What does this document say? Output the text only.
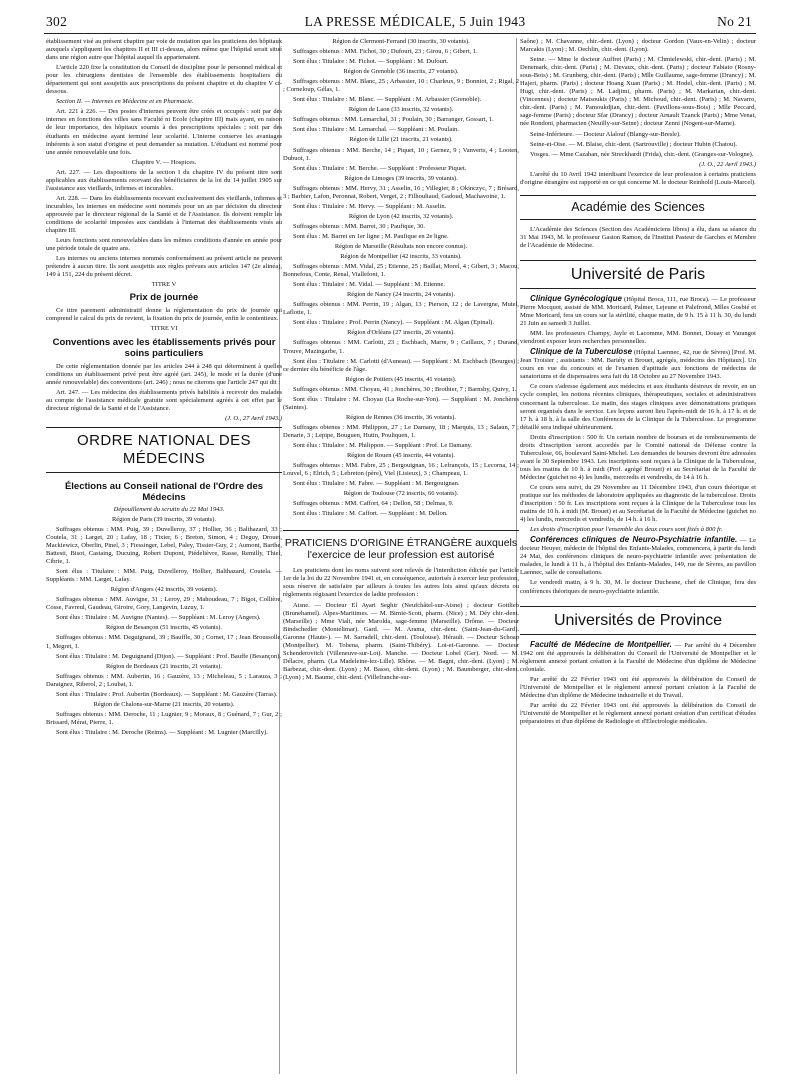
302	LA PRESSE MÉDICALE, 5 Juin 1943	No 21

établissement visé au présent chapitre par voie de mutation que les praticiens des hôpitaux auxquels s'appliquent les chapitres II et III ci-dessus, alors même que l'hôpital serait situé dans une région autre que l'hôpital auquel ils appartenaient.

L'article 220 fixe la constitution du Conseil de discipline pour le personnel médical et pour les chirurgiens dentistes de l'ensemble des établissements hospitaliers du département qui sont assujettis aux prescriptions du présent chapitre et du chapitre V ci-dessous.

Section II. — Internes en Médecine et en Pharmacie.

Art. 221 à 226. — Des postes d'internes peuvent être créés et occupés : soit par des internes en fonctions des villes sans Faculté ni Ecole (chapitre III) mais ayant, en raison de leur importance, des hôpitaux soumis à des prescriptions spéciales ; soit par des étudiants en médecine ayant terminé leur scolarité. L'interne conserve les avantages inhérents à son statut d'origine et peut demander sa mutation. L'étudiant est nommé pour une année renouvelable une fois.

Chapitre V. — Hospices.

Art. 227. — Les dispositions de la section I du chapitre IV du présent titre sont applicables aux établissements recevant des bénéficiaires de la loi du 14 juillet 1905 sur l'assistance aux vieillards, infirmes et incurables.

Art. 228. — Dans les établissements recevant exclusivement des vieillards, infirmes et incurables, les internes en médecine sont nommés pour un an par décision du directeur approuvée par le directeur régional de la Santé et de l'Assistance. Ils doivent remplir les conditions de scolarité imposées aux candidats à l'internat des établissements visés au chapitre III.

Leurs fonctions sont renouvelables dans les mêmes conditions d'année en année pour une période totale de quatre ans.

Les internes ou anciens internes nommés conformément au présent article ne peuvent prétendre à aucun titre. Ils sont assujettis aux règles prévues aux articles 147 (2e alinéa), 149 à 151, 224 du présent décret.

TITRE V

Prix de journée

Ce titre parement administratif donne la réglementation du prix de journée qui comprend le calcul du prix de revient, la fixation du prix de journée, enfin le contentieux.

TITRE VI

Conventions avec les établissements privés pour soins particuliers

De cette réglementation donnée par les articles 244 à 248 qui déterminent à quelles conditions un établissement privé peut être agréé (art. 245), le mode et la durée (d'une année renouvelable) des conventions (art. 246) ; nous ne citerons que l'article 247 qui dit :

Art. 247. — Les médecins des établissements privés habilités à recevoir des malades au compte de l'assistance médicale gratuite sont spécialement agréés à cet effet par le directeur régional de la Santé et de l'Assistance.

(J. O., 27 Avril 1943.)

ORDRE NATIONAL DES MÉDECINS
Élections au Conseil national de l'Ordre des Médecins

Dépouillement du scrutin du 22 Mai 1943.

Région de Paris (39 inscrits, 39 votants).

Suffrages obtenus : MM. Puig, 39 ; Duvelleroy, 37 ; Hollier, 36 ; Balthazard, 33 ; Coutela, 31 ; Larget, 20 ; Lafay, 18 ; Tixier, 6 ; Breton, Simon, 4 ; Deguy, Drouet, Mackiewicz, Oberlin, Pinel, 3 ; Fiessinger, Lebel, Paley, Tissier-Guy, 2 ; Aumont, Barthe, Battesti, Bisot, Castaing, Ducuing, Robert Dupont, Piédelièvre, Rasse, Remilly, Thiel, Cibrie, 1.

Sont élus : Titulaire : MM. Puig, Duvelleroy, Hollier, Balthazard, Coutela. — Suppléants : MM. Larget, Lafay.

Région d'Angers (42 inscrits, 39 votants).

Suffrages obtenus : MM. Auvigne, 31 ; Leroy, 29 ; Mahoudeau, 7 ; Bigot, Collière, Cosse, Favreul, Gaudeau, Giroire, Gory, Langevin, Luzuy, 1.

Sont élus : Titulaire : M. Auvigne (Nantes). — Suppléant : M. Leroy (Angers).

Région de Besançon (51 inscrits, 45 votants).

Suffrages obtenus : MM. Deguignand, 39 ; Bauffle, 30 ; Cornet, 17 ; Jean Broussolle, 1, Megret, 1.

Sont élus : Titulaire : M. Deguignand (Dijon). — Suppléant : Prof. Bauffe (Besançon).

Région de Bordeaux (21 inscrits, 21 votants).

Suffrages obtenus : MM. Aubertin, 16 ; Gauzère, 13 ; Micheleau, 5 ; Larauza, 3 ; Daraignez, Riberol, 2 ; Loubat, 1.

Sont élus : Titulaire : Prof. Aubertin (Bordeaux). — Suppléant : M. Gauzère (Tarras).

Région de Chalons-sur-Marne (21 inscrits, 20 votants).

Suffrages obtenus : MM. Deroche, 11 ; Lugnier, 9 ; Moraux, 8 ; Guénard, 7 ; Gur, 2 ; Brissard, Mérat, Pierre, 1.

Sont élus : Titulaire : M. Deroche (Reims). — Suppléant : M. Lugnier (Marcilly).

Région de Clermont-Ferrand (30 inscrits, 30 votants).

Suffrages obtenus : MM. Fichot, 30 ; Dufourt, 23 ; Girou, 6 ; Gibert, 1.

Sont élus : Titulaire : M. Fichot. — Suppléant : M. Dufourt.

Région de Grenoble (36 inscrits, 27 votants).

Suffrages obtenus : MM. Blanc, 25 ; Arbassier, 10 ; Charleux, 9 ; Bonniot, 2 ; Rigal, 2 ; Corneloup, Gélas, 1.

Sont élus : Titulaire : M. Blanc. — Suppléant : M. Arbassier (Grenoble).

Région de Laon (33 inscrits, 32 votants).

Suffrages obtenus : MM. Lemarchal, 31 ; Poulain, 30 ; Barranger, Gossart, 1.

Sont élus : Titulaire : M. Lemarchal. — Suppléant : M. Poulain.

Région de Lille (21 inscrits, 21 votants).

Suffrages obtenus : MM. Berche, 14 ; Piquet, 10 ; Gernez, 9 ; Vanverts, 4 ; Looten, Dubuot, 1.

Sont élus : Titulaire : M. Berche. — Suppléant : Professeur Piquet.

Région de Limoges (39 inscrits, 39 votants).

Suffrages obtenus : MM. Hervy, 31 ; Asselin, 16 ; Villegier, 8 ; Okinczyc, 7 ; Brésard, 3 ; Barbier, Lafon, Peronnat, Robert, Verget, 2 ; Filhouliaud, Gadoud, Machavoine, 1.

Sont élus : Titulaire : M. Hervy. — Suppléant : M. Asselin.

Région de Lyon (42 inscrits, 32 votants).

Suffrages obtenus : MM. Barret, 30 ; Paufique, 30.

Sont élus : M. Barret en 1er ligne ; M. Paufique en 2e ligne.

Région de Marseille (Résultats non encore connus).

Région de Montpellier (42 inscrits, 33 votants).

Suffrages obtenus : MM. Vidal, 25 ; Etienne, 25 ; Baillat, Morel, 4 ; Gibert, 3 ; Macou, Bonnefous, Conte, Renal, Viallefont, 1.

Sont élus : Titulaire : M. Vidal. — Suppléant : M. Etienne.

Région de Nancy (24 inscrits, 24 votants).

Suffrages obtenus : MM. Perrin, 19 ; Algan, 13 ; Pierson, 12 ; de Lavergne, Mutel, Laflotte, 1.

Sont élus : Titulaire : Prof. Perrin (Nancy). — Suppléant : M. Algan (Epinal).

Région d'Orléans (27 inscrits, 26 votants).

Suffrages obtenus : MM. Carlotti, 23 ; Eschbach, Marre, 9 ; Caillaux, 7 ; Durand, Trouve, Mazingarbe, 1.

Sont élus : Titulaire : M. Carlotti (d'Auneau). — Suppléant : M. Eschbach (Bourges) ; ce dernier élu bénéficie de l'âge.

Région de Poitiers (45 inscrits, 41 votants).

Suffrages obtenus : MM. Choyau, 41 ; Jonchères, 30 ; Brothier, 7 ; Barnsby, Quivy, 1.

Sont élus : Titulaire : M. Choyau (La Roche-sur-Yon). — Suppléant : M. Jonchères (Saintes).

Région de Rennes (36 inscrits, 36 votants).

Suffrages obtenus : MM. Philippon, 27 ; Le Damany, 18 ; Marquis, 13 ; Salaun, 7 ; Denarie, 3 ; Lepipe, Bouguen, Hutin, Pouliquen, 1.

Sont élus : Titulaire : M. Philippon. — Suppléant : Prof. Le Damany.

Région de Rouen (45 inscrits, 44 votants).

Suffrages obtenus : MM. Fabre, 25 ; Bergouignan, 16 ; Lefrançois, 15 ; Lecorna, 14 ; Louvel, 6 ; Elrich, 5 ; Lebreton (père), Viel (Lisieux), 3 ; Champeau, 1.

Sont élus : Titulaire : M. Fabre. — Suppléant : M. Bergouignan.

Région de Toulouse (72 inscrits, 66 votants).

Suffrages obtenus : MM. Caffort, 64 ; Dellon, 58 ; Delmas, 9.

Sont élus : Titulaire : M. Caffort. — Suppléant : M. Dellon.

PRATICIENS D'ORIGINE ÉTRANGÈRE auxquels l'exercice de leur profession est autorisé

Les praticiens dont les noms suivent sont relevés de l'interdiction édictée par l'article 1er de la loi du 22 Novembre 1941 et, en conséquence, autorisés à exercer leur profession, sous réserve de satisfaire par ailleurs à toutes les autres lois ainsi qu'aux décrets ou règlements régissant l'exercice de ladite profession :

Aisne. — Docteur El Ayari Seghir (Neufchâtel-sur-Aisne) ; docteur Gottlieb (Brunehamel). Alpes-Maritimes. — M. Birnie-Scott, pharm. (Nice) ; M. Déy chir.-dent. (Marseille) ; Mme Viali, née Marolda, sage-femme (Marseille). Drôme. — Docteur Bindschedler (Montélimar). Gard. — M. Arama, chir.-dent. (Saint-Jean-du-Gard). Garonne (Haute-). — M. Sarradell, chir.-dent. (Toulouse). Hérault. — Docteur Schoap (Montpellier). M. Tobena, pharm. (Saint-Thibéry). Lot-et-Garonne. — Docteur Schenderovitch (Villeneuve-sur-Lot). Manche. — Docteur Lobel (Ger). Nord. — M. Délacre, pharm. (La Madeleine-lez-Lille). Rhône. — M. Bagni, chir.-dent. (Lyon) ; M. Barbezat, chir.-dent. (Lyon) ; M. Basso, chir.-dent. (Lyon) ; M. Baumberger, chir.-dent. (Lyon) ; M. Baume, chir.-dent. (Villefranche-sur-

Saône) ; M. Chavanne, chir.-dent. (Lyon) ; docteur Gordon (Vaux-en-Velin) ; docteur Marcakis (Lyon) ; M. Oechlin, chir.-dent. (Lyon).

Seine. — Mme le docteur Auffret (Paris) ; M. Chmielewski, chir.-dent. (Paris) ; M. Denemark, chir.-dent. (Paris) ; M. Devaux, chir.-dent. (Paris) ; docteur Fabiato (Rosny-sous-Bois) ; M. Grunberg, chir.-dent. (Paris) ; Mlle Guillaume, sage-femme (Drancy) ; M. Hajeri, pharm. (Paris) ; docteur Hoang Xuan (Paris) ; M. Hodel, chir.-dent. (Paris) ; M. Hugi, chir.-dent. (Paris) ; M. Ladjimi, pharm. (Paris) ; M. Markarian, chir.-dent. (Vincennes) ; docteur Matsoukis (Paris) ; M. Michoud, chir.-dent. (Paris) ; M. Navarro, chir.-dent. (Paris) ; M. Pamoukdjian, chir.-dent. (Pavillons-sous-Bois) ; Mlle Peccard, sage-femme (Paris) ; docteur Sfar (Drancy) ; docteur Arnault Tzanck (Paris) ; Mme Venat, née Rondoni, pharmacien (Neuilly-sur-Seine) ; docteur Zenni (Nogent-sur-Marne).

Seine-Inférieure. — Docteur Alalouf (Blangy-sur-Bresle).

Seine-et-Oise. — M. Blaise, chir.-dent. (Sartrouville) ; docteur Hubin (Chatou).

Vosges. — Mme Cazaban, née Streckhardt (Frida), chir.-dent. (Granges-sur-Vologne).

(J. O., 22 Avril 1943.)

L'arrêté du 10 Avril 1942 interdisant l'exercice de leur profession à certains praticiens d'origine étrangère est rapporté en ce qui concerne M. le docteur Reinhold (Louis-Marcel).

Académie des Sciences

L'Académie des Sciences (Section des Académiciens libres) a élu, dans sa séance du 31 Mai 1943, M. le professeur Gaston Ramon, de l'Institut Pasteur de Garches et Membre de l'Académie de Médecine.

Université de Paris

Clinique Gynécologique (Hôpital Broca, 111, rue Broca). — Le professeur Pierre Mocquot, assisté de MM. Moricard, Palmer, Lejeune et Palefrond, Mlles Gosbié et Mme Moricard, fera un cours sur la stérilité, chaque matin, de 9 h. 15 à 11 h. 30, du lundi 21 Juin au samedi 3 Juillet.

MM. les professeurs Champy, Jayle et Lacomme, MM. Bonnet, Douay et Varangot viendront exposer leurs recherches personnelles.

Clinique de la Tuberculose (Hôpital Laennec, 42, rue de Sèvres) [Prof. M. Jean Troisier ; assistants : MM. Bariéty et Brouet, agrégés, médecins des Hôpitaux]. Un cours en vue du concours et de l'examen d'aptitude aux fonctions de médecins de sanatoriums et de dispensaires sera fait du 18 Octobre au 27 Novembre 1943.

Ce cours s'adresse également aux médecins et aux étudiants désireux de revoir, en un cycle complet, les notions récentes cliniques, thérapeutiques, sociales et administratives concernant la tuberculose. Le matin, des stages cliniques avec démonstrations pratiques seront organisés dans le service. Les leçons auront lieu l'après-midi de 16 h. à 17 h. et de 17 h. à 18 h. à la salle des Conférences de la Clinique de la Tuberculose. Le programme détaillé sera indiqué ultérieurement.

Droits d'inscription : 500 fr. Un certain nombre de bourses et de remboursements de droits d'inscription seront accordés par le Comité national de Défense contre la Tuberculose, 66, boulevard Saint-Michel. Les demandes de bourses devront être adressées avant le 30 Septembre 1943. Les inscriptions sont reçues à la Clinique de la Tuberculose, tous les matins de 10 h. à midi (Prof. agrégé Brouet) et au Secrétariat de la Faculté de Médecine (guichet no 4) les lundis, mercredis et vendredis, de 14 à 16 h.

Ce cours sera suivi, du 29 Novembre au 11 Décembre 1943, d'un cours théorique et pratique sur les méthodes de laboratoire appliquées au diagnostic de la tuberculose. Droits d'inscription : 50 fr. Les inscriptions sont reçues à la Clinique de la Tuberculose tous les matins de 10 h. à midi (M. Brouet) et au Secrétariat de la Faculté de Médecine (guichet no 4) les lundis, mercredis et vendredis, de 14 h. à 16 h.

Les droits d'inscription pour l'ensemble des deux cours sont fixés à 800 fr.

Conférences cliniques de Neuro-Psychiatrie infantile. — Le docteur Heuyer, médecin de l'hôpital des Enfants-Malades, commencera, à partir du lundi 24 Mai, des conférences cliniques de neuro-psychiatrie infantile avec présentation de malades, le lundi à 11 h., à l'hôpital des Enfants-Malades, 149, rue de Sèvres, au pavillon Laennec, salle de consultations.

Le vendredi matin, à 9 h. 30, M. le docteur Duchesne, chef de Clinique, fera des conférences théoriques de neuro-psychiatrie infantile.

Universités de Province

Faculté de Médecine de Montpellier. — Par arrêté du 4 Décembre 1942 ont été approuvés la délibération du Conseil de l'Université de Montpellier et le règlement annexé portant création à la Faculté de Médecine d'un diplôme de Médecine coloniale.

Par arrêté du 22 Février 1943 ont été approuvés la délibération du Conseil de l'Université de Montpellier et le règlement annexé portant création à la Faculté de Médecine d'un diplôme de Médecine industrielle et du Travail.

Par arrêté du 22 Février 1943 ont été approuvés la délibération du Conseil de l'Université de Montpellier et le règlement annexé portant création d'un certificat d'études préparatoires et d'un diplôme de Radiologie et d'Electrologie médicales.
